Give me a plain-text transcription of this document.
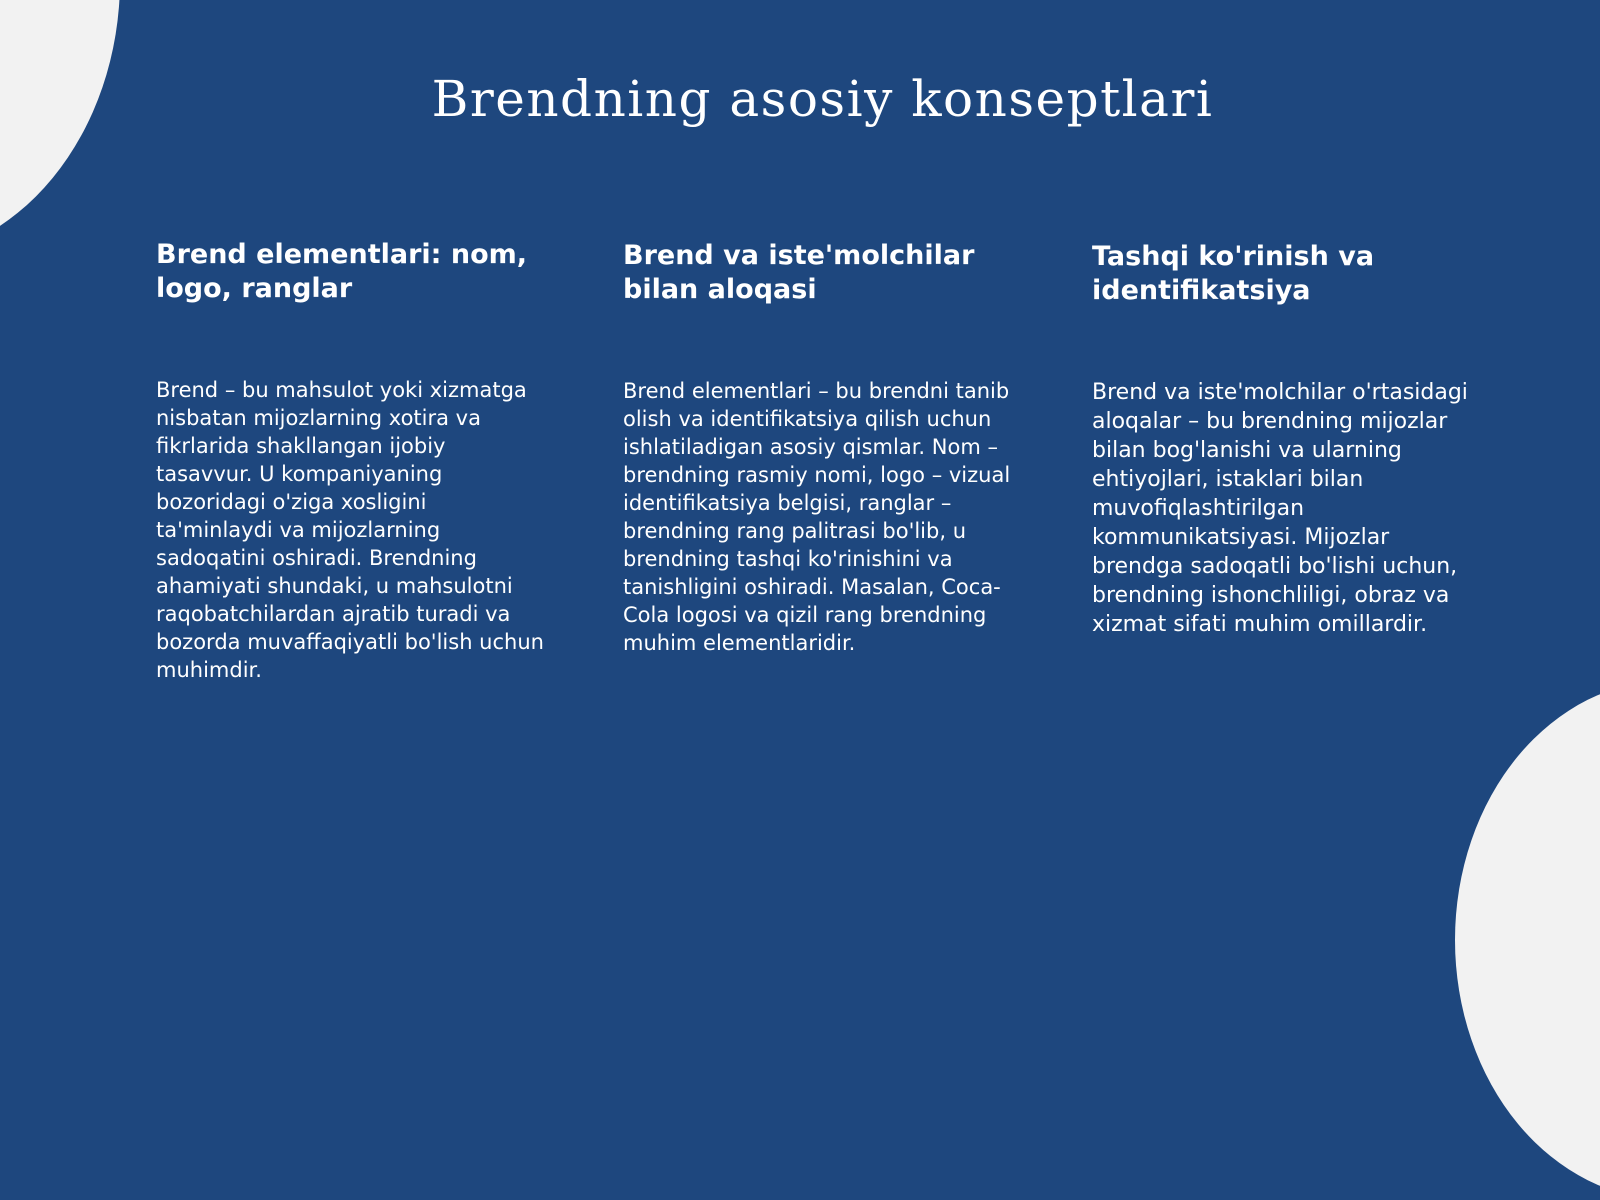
Brendning asosiy konseptlari
Brend elementlari: nom, logo, ranglar

Brend – bu mahsulot yoki xizmatga nisbatan mijozlarning xotira va fikrlarida shakllangan ijobiy tasavvur. U kompaniyaning bozoridagi o'ziga xosligini ta'minlaydi va mijozlarning sadoqatini oshiradi. Brendning ahamiyati shundaki, u mahsulotni raqobatchilardan ajratib turadi va bozorda muvaffaqiyatli bo'lish uchun muhimdir.

Brend va iste'molchilar bilan aloqasi

Brend elementlari – bu brendni tanib olish va identifikatsiya qilish uchun ishlatiladigan asosiy qismlar. Nom – brendning rasmiy nomi, logo – vizual identifikatsiya belgisi, ranglar – brendning rang palitrasi bo'lib, u brendning tashqi ko'rinishini va tanishligini oshiradi. Masalan, Coca-Cola logosi va qizil rang brendning muhim elementlaridir.

Tashqi ko'rinish va identifikatsiya

Brend va iste'molchilar o'rtasidagi aloqalar – bu brendning mijozlar bilan bog'lanishi va ularning ehtiyojlari, istaklari bilan muvofiqlashtirilgan kommunikatsiyasi. Mijozlar brendga sadoqatli bo'lishi uchun, brendning ishonchliligi, obraz va xizmat sifati muhim omillardir.
